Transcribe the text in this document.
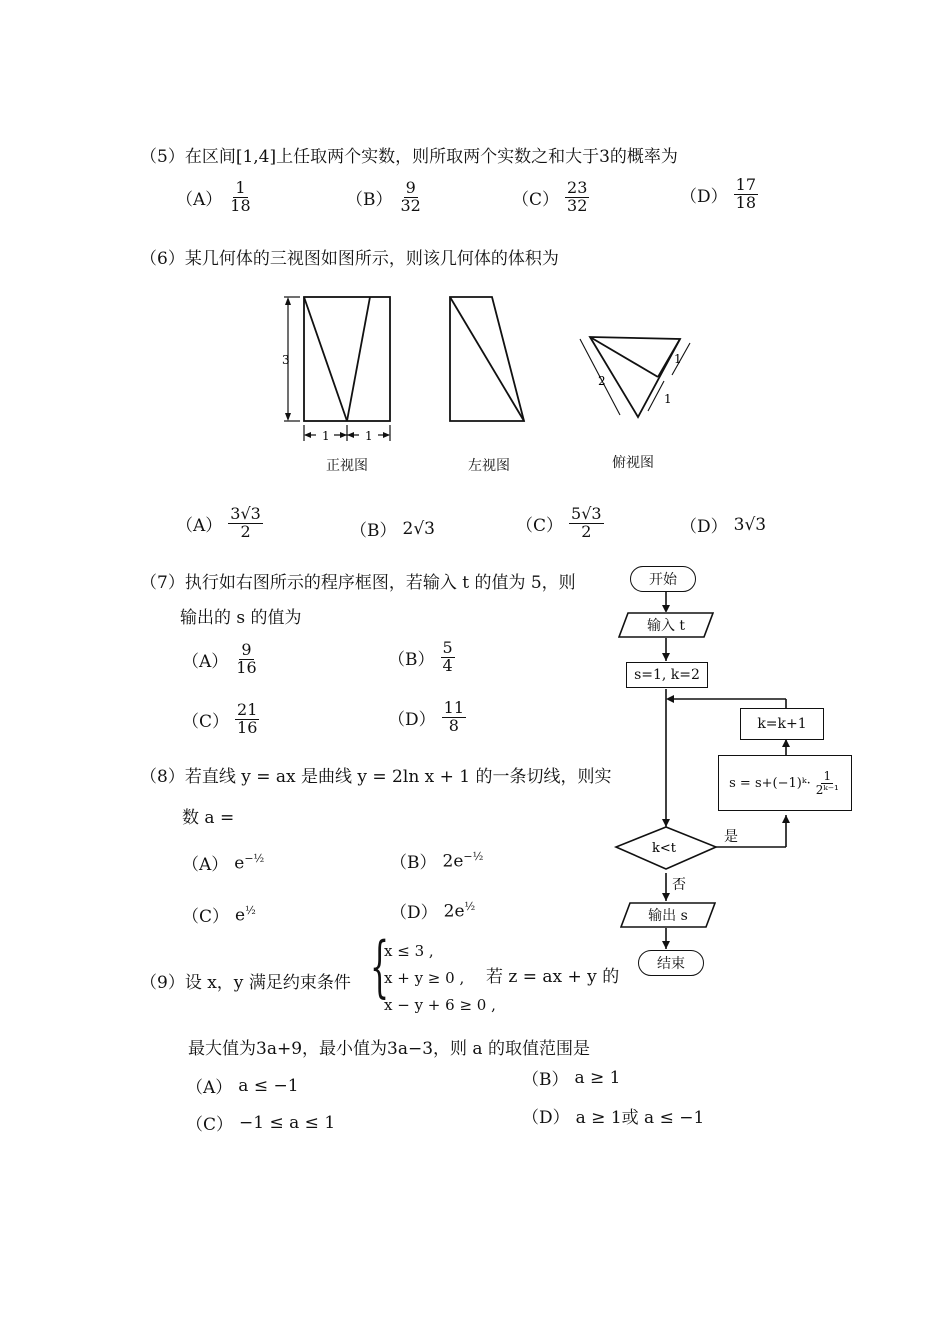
（5）在区间[1,4]上任取两个实数，则所取两个实数之和大于3的概率为
$(A) \frac{1}{18}$	$(B) \frac{9}{32}$	$(C) \frac{23}{32}$	$(D) \frac{17}{18}$
（6）某几何体的三视图如图所示，则该几何体的体积为
3
1	1
2
1
1
正视图	左视图	俯视图
$(A) \frac{3√3}{2}$	（B） 2√3	$(C) \frac{5√3}{2}$	（D） 3√3
（7）执行如右图所示的程序框图，若输入 t 的值为 5，则
输出的 s 的值为
$(A) \frac{9}{16}$	$(B) \frac{5}{4}$
$(C) \frac{21}{16}$	$(D) \frac{11}{8}$
k<t
是
否
开始
输入 t
s=1, k=2
k=k+1
s = s+(−1)ᵏ· $\frac{1}{\text{2ᵏ⁻¹}}$
输出 s
结束
（8）若直线 y = ax 是曲线 y = 2ln x + 1 的一条切线，则实
数 a =
（A） $e^{-\frac{1}{2}}$	（B） $2e^{-\frac{1}{2}}$
（C） $e^{\frac{1}{2}}$	（D） $2e^{\frac{1}{2}}$
（9）设 x，y 满足约束条件 {
x ≤ 3 ,
x + y ≥ 0 ,
x − y + 6 ≥ 0 ,
若 z = ax + y 的
最大值为3a+9，最小值为3a−3，则 a 的取值范围是
（A） a ≤ −1	（B） a ≥ 1
（C） −1 ≤ a ≤ 1	（D） a ≥ 1或 a ≤ −1
